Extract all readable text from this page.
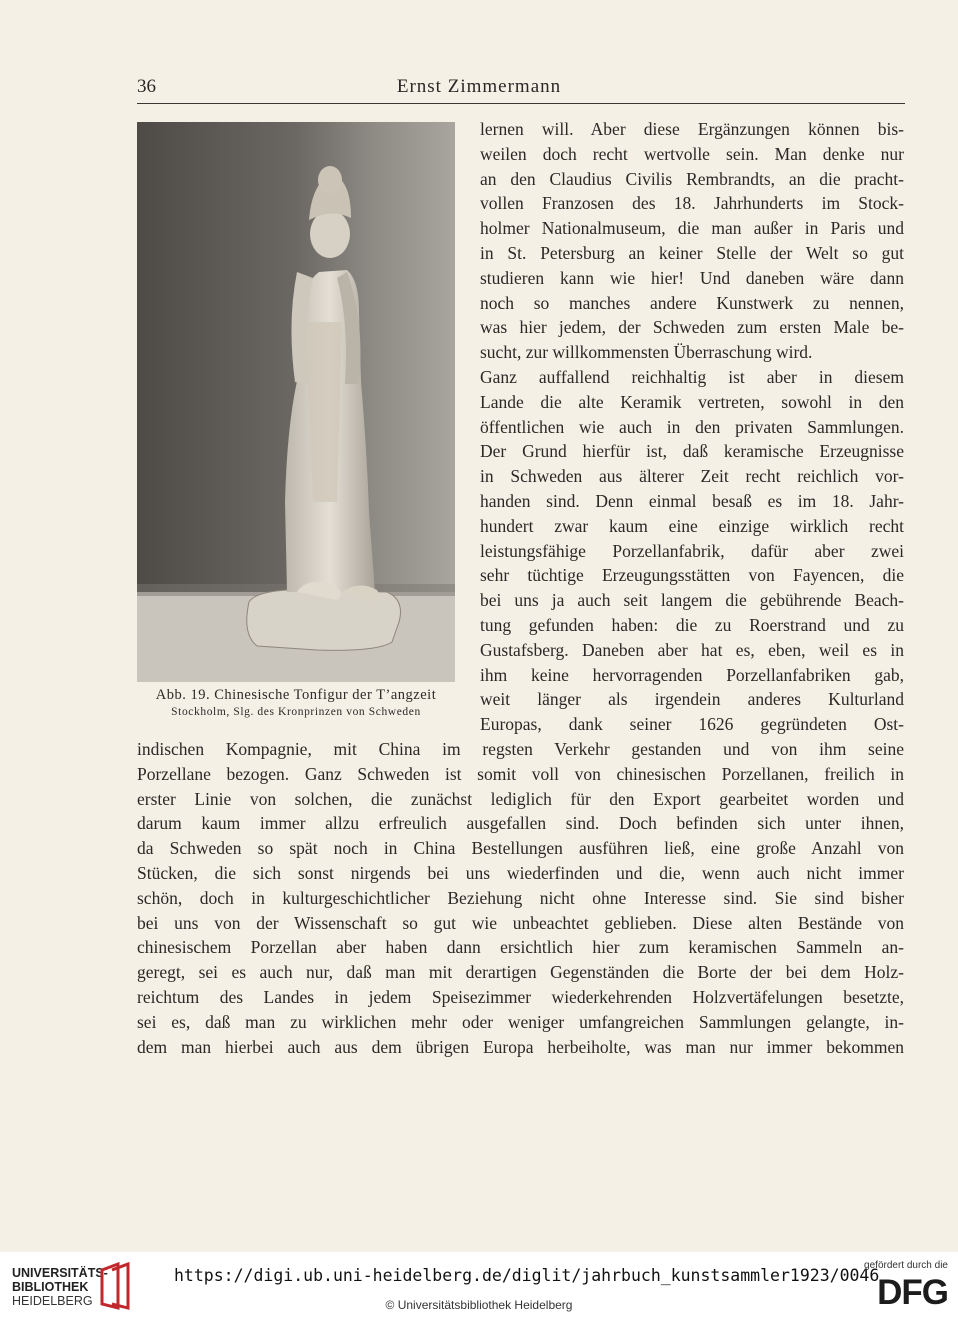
36	Ernst Zimmermann
Abb. 19. Chinesische Tonfigur der T’angzeit
Stockholm, Slg. des Kronprinzen von Schweden

lernen will. Aber diese Ergänzungen können bis-

weilen doch recht wertvolle sein. Man denke nur

an den Claudius Civilis Rembrandts, an die pracht-

vollen Franzosen des 18. Jahrhunderts im Stock-

holmer Nationalmuseum, die man außer in Paris und

in St. Petersburg an keiner Stelle der Welt so gut

studieren kann wie hier! Und daneben wäre dann

noch so manches andere Kunstwerk zu nennen,

was hier jedem, der Schweden zum ersten Male be-

sucht, zur willkommensten Überraschung wird.

Ganz auffallend reichhaltig ist aber in diesem

Lande die alte Keramik vertreten, sowohl in den

öffentlichen wie auch in den privaten Sammlungen.

Der Grund hierfür ist, daß keramische Erzeugnisse

in Schweden aus älterer Zeit recht reichlich vor-

handen sind. Denn einmal besaß es im 18. Jahr-

hundert zwar kaum eine einzige wirklich recht

leistungsfähige Porzellanfabrik, dafür aber zwei

sehr tüchtige Erzeugungsstätten von Fayencen, die

bei uns ja auch seit langem die gebührende Beach-

tung gefunden haben: die zu Roerstrand und zu

Gustafsberg. Daneben aber hat es, eben, weil es in

ihm keine hervorragenden Porzellanfabriken gab,

weit länger als irgendein anderes Kulturland

Europas, dank seiner 1626 gegründeten Ost-

indischen Kompagnie, mit China im regsten Verkehr gestanden und von ihm seine

Porzellane bezogen. Ganz Schweden ist somit voll von chinesischen Porzellanen, freilich in

erster Linie von solchen, die zunächst lediglich für den Export gearbeitet worden und

darum kaum immer allzu erfreulich ausgefallen sind. Doch befinden sich unter ihnen,

da Schweden so spät noch in China Bestellungen ausführen ließ, eine große Anzahl von

Stücken, die sich sonst nirgends bei uns wiederfinden und die, wenn auch nicht immer

schön, doch in kulturgeschichtlicher Beziehung nicht ohne Interesse sind. Sie sind bisher

bei uns von der Wissenschaft so gut wie unbeachtet geblieben. Diese alten Bestände von

chinesischem Porzellan aber haben dann ersichtlich hier zum keramischen Sammeln an-

geregt, sei es auch nur, daß man mit derartigen Gegenständen die Borte der bei dem Holz-

reichtum des Landes in jedem Speisezimmer wiederkehrenden Holzvertäfelungen besetzte,

sei es, daß man zu wirklichen mehr oder weniger umfangreichen Sammlungen gelangte, in-

dem man hierbei auch aus dem übrigen Europa herbeiholte, was man nur immer bekommen

UNIVERSITÄTS-
BIBLIOTHEK
HEIDELBERG
https://digi.ub.uni-heidelberg.de/diglit/jahrbuch_kunstsammler1923/0046
© Universitätsbibliothek Heidelberg
gefördert durch die
DFG
